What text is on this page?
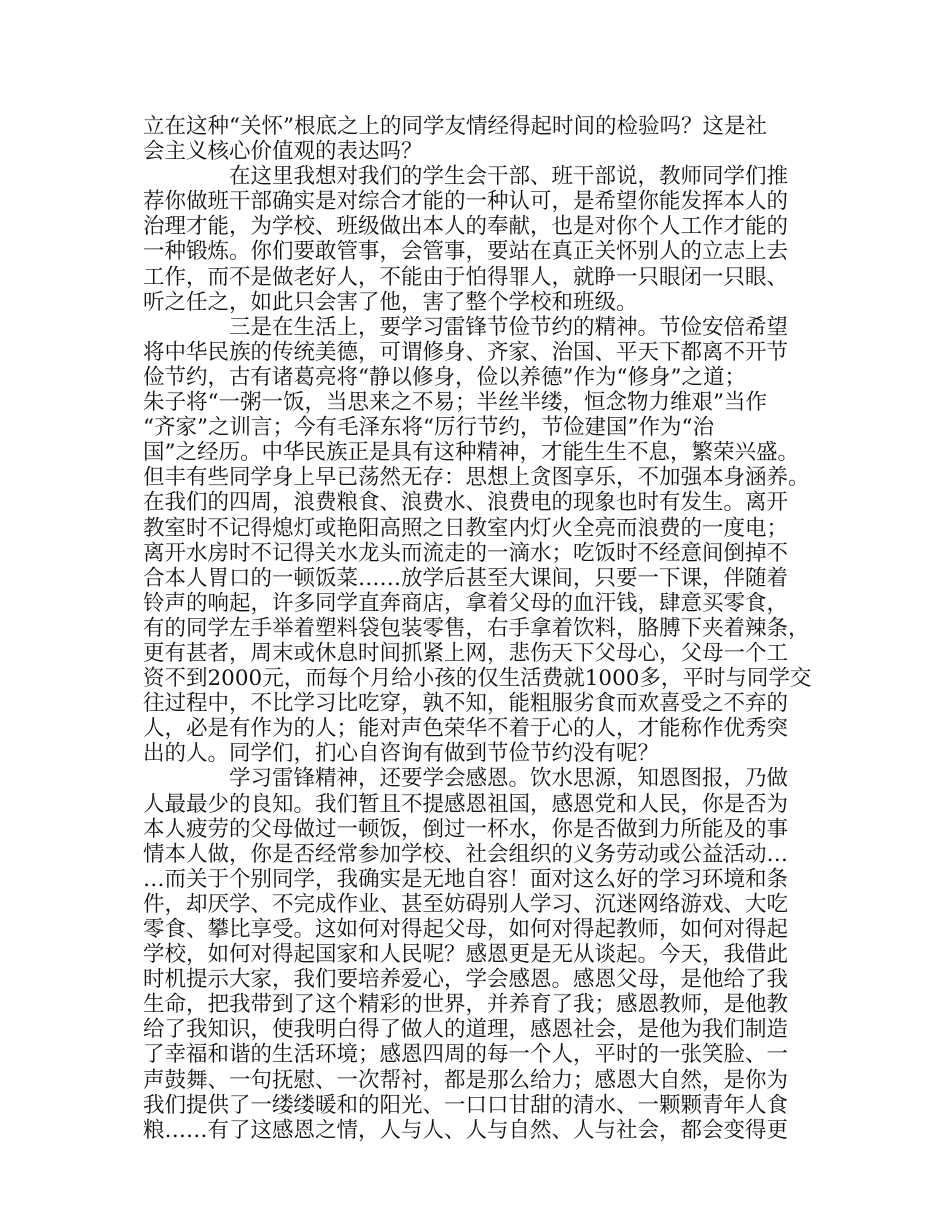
立在这种“关怀”根底之上的同学友情经得起时间的检验吗？这是社
会主义核心价值观的表达吗？
在这里我想对我们的学生会干部、班干部说，教师同学们推
荐你做班干部确实是对综合才能的一种认可，是希望你能发挥本人的
治理才能，为学校、班级做出本人的奉献，也是对你个人工作才能的
一种锻炼。你们要敢管事，会管事，要站在真正关怀别人的立志上去
工作，而不是做老好人，不能由于怕得罪人，就睁一只眼闭一只眼、
听之任之，如此只会害了他，害了整个学校和班级。
三是在生活上，要学习雷锋节俭节约的精神。节俭安倍希望
将中华民族的传统美德，可谓修身、齐家、治国、平天下都离不开节
俭节约，古有诸葛亮将“静以修身，俭以养德”作为“修身”之道；
朱子将“一粥一饭，当思来之不易；半丝半缕，恒念物力维艰”当作
“齐家”之训言；今有毛泽东将“厉行节约，节俭建国”作为“治
国”之经历。中华民族正是具有这种精神，才能生生不息，繁荣兴盛。
但丰有些同学身上早已荡然无存：思想上贪图享乐，不加强本身涵养。
在我们的四周，浪费粮食、浪费水、浪费电的现象也时有发生。离开
教室时不记得熄灯或艳阳高照之日教室内灯火全亮而浪费的一度电；
离开水房时不记得关水龙头而流走的一滴水；吃饭时不经意间倒掉不
合本人胃口的一顿饭菜……放学后甚至大课间，只要一下课，伴随着
铃声的响起，许多同学直奔商店，拿着父母的血汗钱，肆意买零食，
有的同学左手举着塑料袋包装零售，右手拿着饮料，胳膊下夹着辣条，
更有甚者，周末或休息时间抓紧上网，悲伤天下父母心，父母一个工
资不到2000元，而每个月给小孩的仅生活费就1000多，平时与同学交
往过程中，不比学习比吃穿，孰不知，能粗服劣食而欢喜受之不弃的
人，必是有作为的人；能对声色荣华不着于心的人，才能称作优秀突
出的人。同学们，扪心自咨询有做到节俭节约没有呢？
学习雷锋精神，还要学会感恩。饮水思源，知恩图报，乃做
人最最少的良知。我们暂且不提感恩祖国，感恩党和人民，你是否为
本人疲劳的父母做过一顿饭，倒过一杯水，你是否做到力所能及的事
情本人做，你是否经常参加学校、社会组织的义务劳动或公益活动…
…而关于个别同学，我确实是无地自容！面对这么好的学习环境和条
件，却厌学、不完成作业、甚至妨碍别人学习、沉迷网络游戏、大吃
零食、攀比享受。这如何对得起父母，如何对得起教师，如何对得起
学校，如何对得起国家和人民呢？感恩更是无从谈起。今天，我借此
时机提示大家，我们要培养爱心，学会感恩。感恩父母，是他给了我
生命，把我带到了这个精彩的世界，并养育了我；感恩教师，是他教
给了我知识，使我明白得了做人的道理，感恩社会，是他为我们制造
了幸福和谐的生活环境；感恩四周的每一个人，平时的一张笑脸、一
声鼓舞、一句抚慰、一次帮衬，都是那么给力；感恩大自然，是你为
我们提供了一缕缕暖和的阳光、一口口甘甜的清水、一颗颗青年人食
粮……有了这感恩之情，人与人、人与自然、人与社会，都会变得更
